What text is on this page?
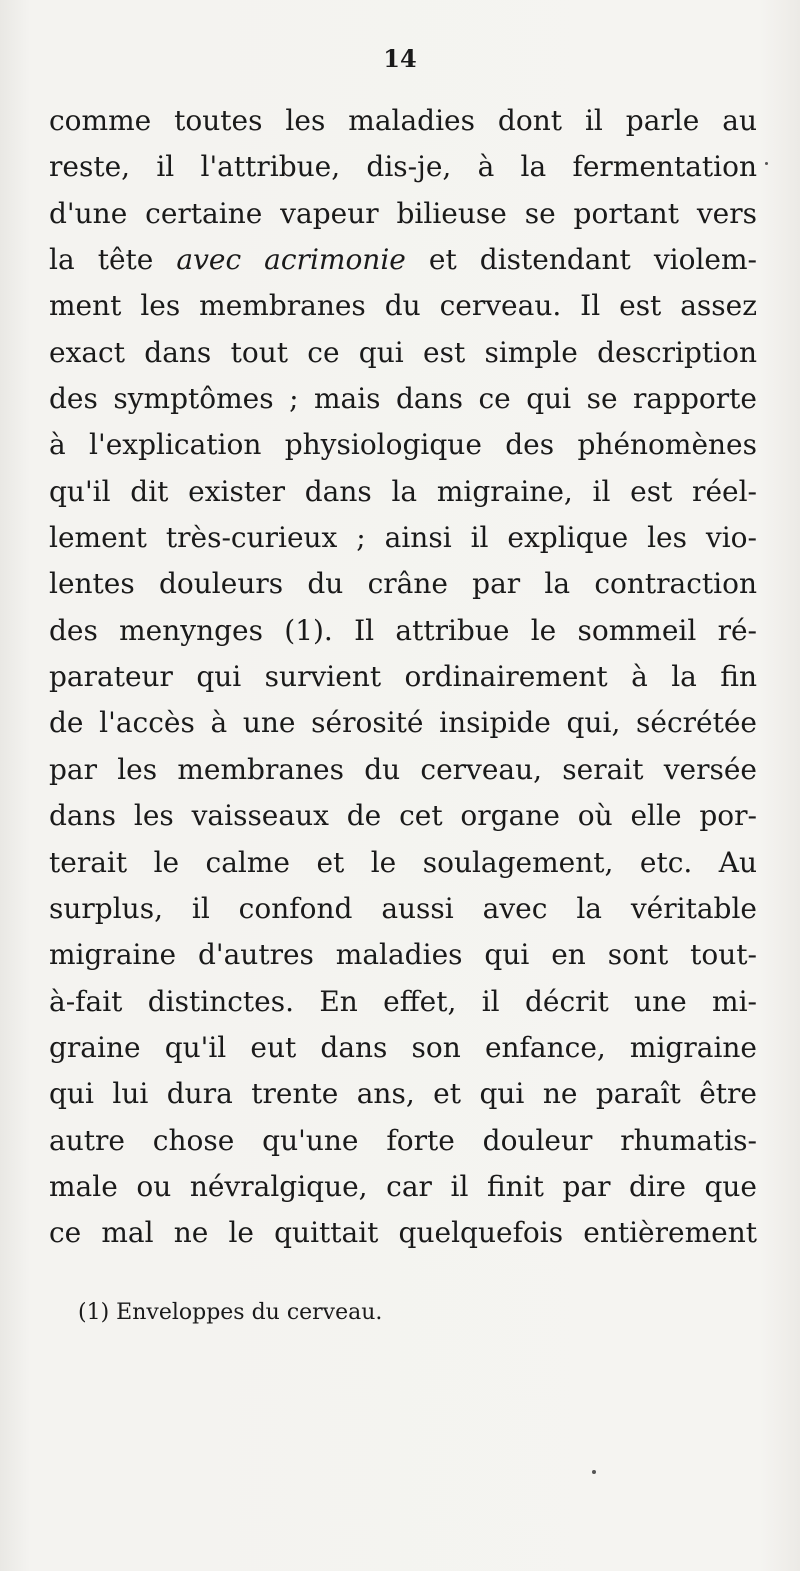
14
comme toutes les maladies dont il parle au
reste, il l'attribue, dis-je, à la fermentation
d'une certaine vapeur bilieuse se portant vers
la tête avec acrimonie et distendant violem-
ment les membranes du cerveau. Il est assez
exact dans tout ce qui est simple description
des symptômes ; mais dans ce qui se rapporte
à l'explication physiologique des phénomènes
qu'il dit exister dans la migraine, il est réel-
lement très-curieux ; ainsi il explique les vio-
lentes douleurs du crâne par la contraction
des menynges (1). Il attribue le sommeil ré-
parateur qui survient ordinairement à la fin
de l'accès à une sérosité insipide qui, sécrétée
par les membranes du cerveau, serait versée
dans les vaisseaux de cet organe où elle por-
terait le calme et le soulagement, etc. Au
surplus, il confond aussi avec la véritable
migraine d'autres maladies qui en sont tout-
à-fait distinctes. En effet, il décrit une mi-
graine qu'il eut dans son enfance, migraine
qui lui dura trente ans, et qui ne paraît être
autre chose qu'une forte douleur rhumatis-
male ou névralgique, car il finit par dire que
ce mal ne le quittait quelquefois entièrement
(1) Enveloppes du cerveau.
